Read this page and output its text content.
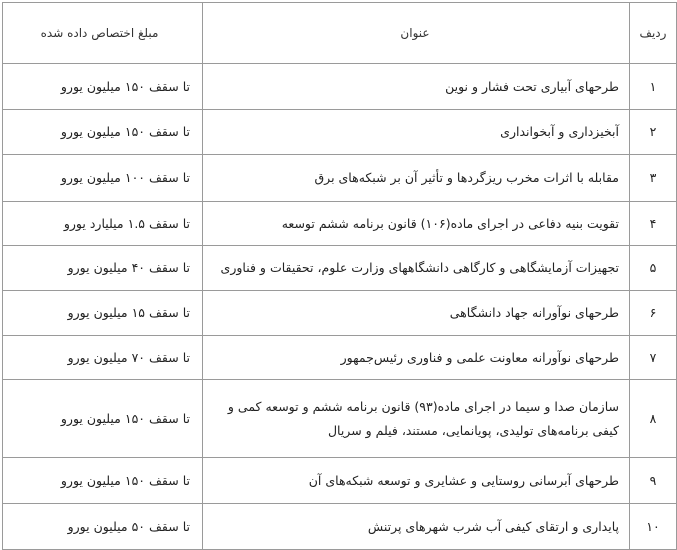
ردیف	عنوان	مبلغ اختصاص داده شده
۱	طرحهای آبیاری تحت فشار و نوین	تا سقف ۱۵۰ میلیون یورو
۲	آبخیزداری و آبخوانداری	تا سقف ۱۵۰ میلیون یورو
۳	مقابله با اثرات مخرب ریزگردها و تأثیر آن بر شبکه‌های برق	تا سقف ۱۰۰ میلیون یورو
۴	تقویت بنیه دفاعی در اجرای ماده(۱۰۶) قانون برنامه ششم توسعه	تا سقف ۱.۵ میلیارد یورو
۵	تجهیزات آزمایشگاهی و کارگاهی دانشگاههای وزارت علوم، تحقیقات و فناوری	تا سقف ۴۰ میلیون یورو
۶	طرحهای نوآورانه جهاد دانشگاهی	تا سقف ۱۵ میلیون یورو
۷	طرحهای نوآورانه معاونت علمی و فناوری رئیس‌جمهور	تا سقف ۷۰ میلیون یورو
۸	سازمان صدا و سیما در اجرای ماده(۹۳) قانون برنامه ششم و توسعه کمی و کیفی برنامه‌های تولیدی، پویانمایی، مستند، فیلم و سریال	تا سقف ۱۵۰ میلیون یورو
۹	طرحهای آبرسانی روستایی و عشایری و توسعه شبکه‌های آن	تا سقف ۱۵۰ میلیون یورو
۱۰	پایداری و ارتقای کیفی آب شرب شهرهای پرتنش	تا سقف ۵۰ میلیون یورو
